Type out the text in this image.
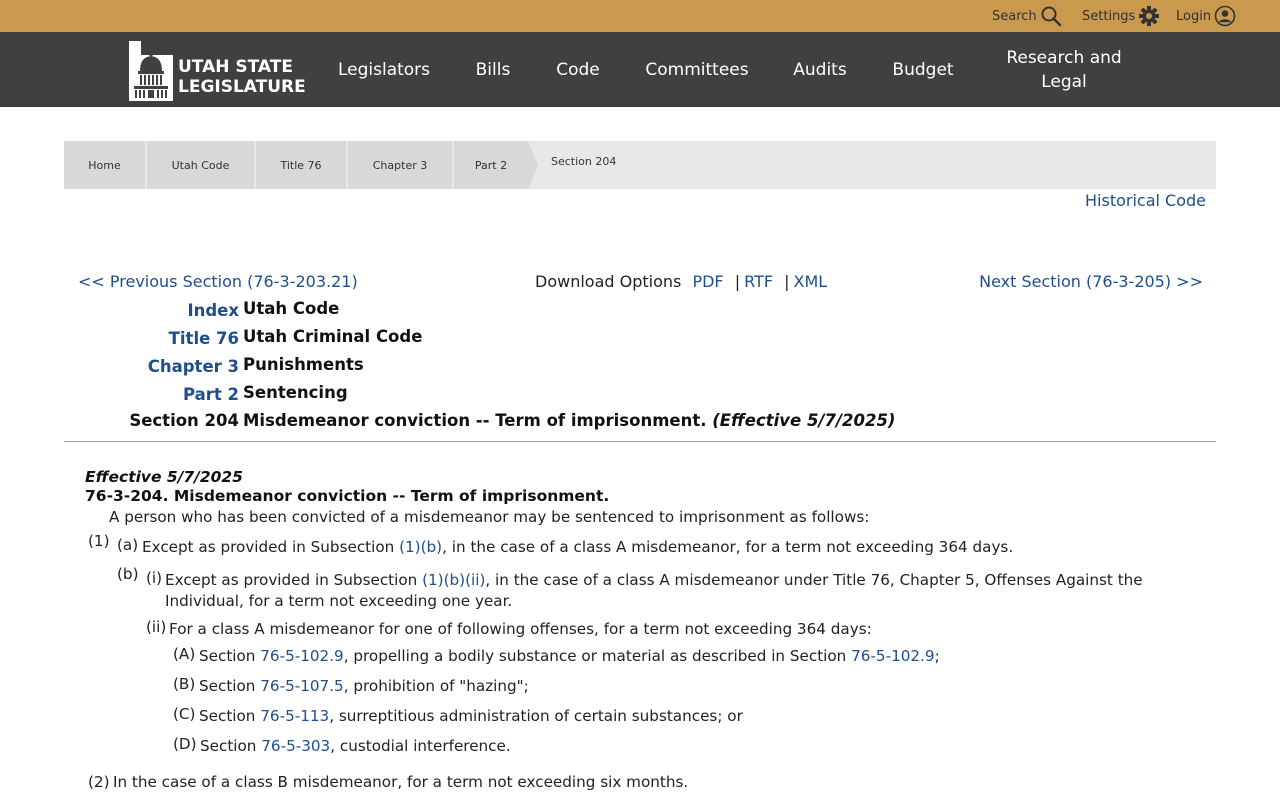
Search	Settings	Login
UTAH STATE
LEGISLATURE
Legislators	Bills	Code	Committees	Audits	Budget
Research and
Legal
Home	Utah Code	Title 76	Chapter 3	Part 2	Section 204
Historical Code
<< Previous Section (76-3-203.21)	Download Options PDF | RTF | XML	Next Section (76-3-205) >>
Index Utah Code
Title 76 Utah Criminal Code
Chapter 3 Punishments
Part 2 Sentencing
Section 204 Misdemeanor conviction -- Term of imprisonment. (Effective 5/7/2025)
Effective 5/7/2025
76-3-204. Misdemeanor conviction -- Term of imprisonment.
A person who has been convicted of a misdemeanor may be sentenced to imprisonment as follows:
(1) (a) Except as provided in Subsection (1)(b), in the case of a class A misdemeanor, for a term not exceeding 364 days.
(b) (i) Except as provided in Subsection (1)(b)(ii), in the case of a class A misdemeanor under Title 76, Chapter 5, Offenses Against the
Individual, for a term not exceeding one year.
(ii) For a class A misdemeanor for one of following offenses, for a term not exceeding 364 days:
(A) Section 76-5-102.9, propelling a bodily substance or material as described in Section 76-5-102.9;
(B) Section 76-5-107.5, prohibition of "hazing";
(C) Section 76-5-113, surreptitious administration of certain substances; or
(D) Section 76-5-303, custodial interference.
(2) In the case of a class B misdemeanor, for a term not exceeding six months.
